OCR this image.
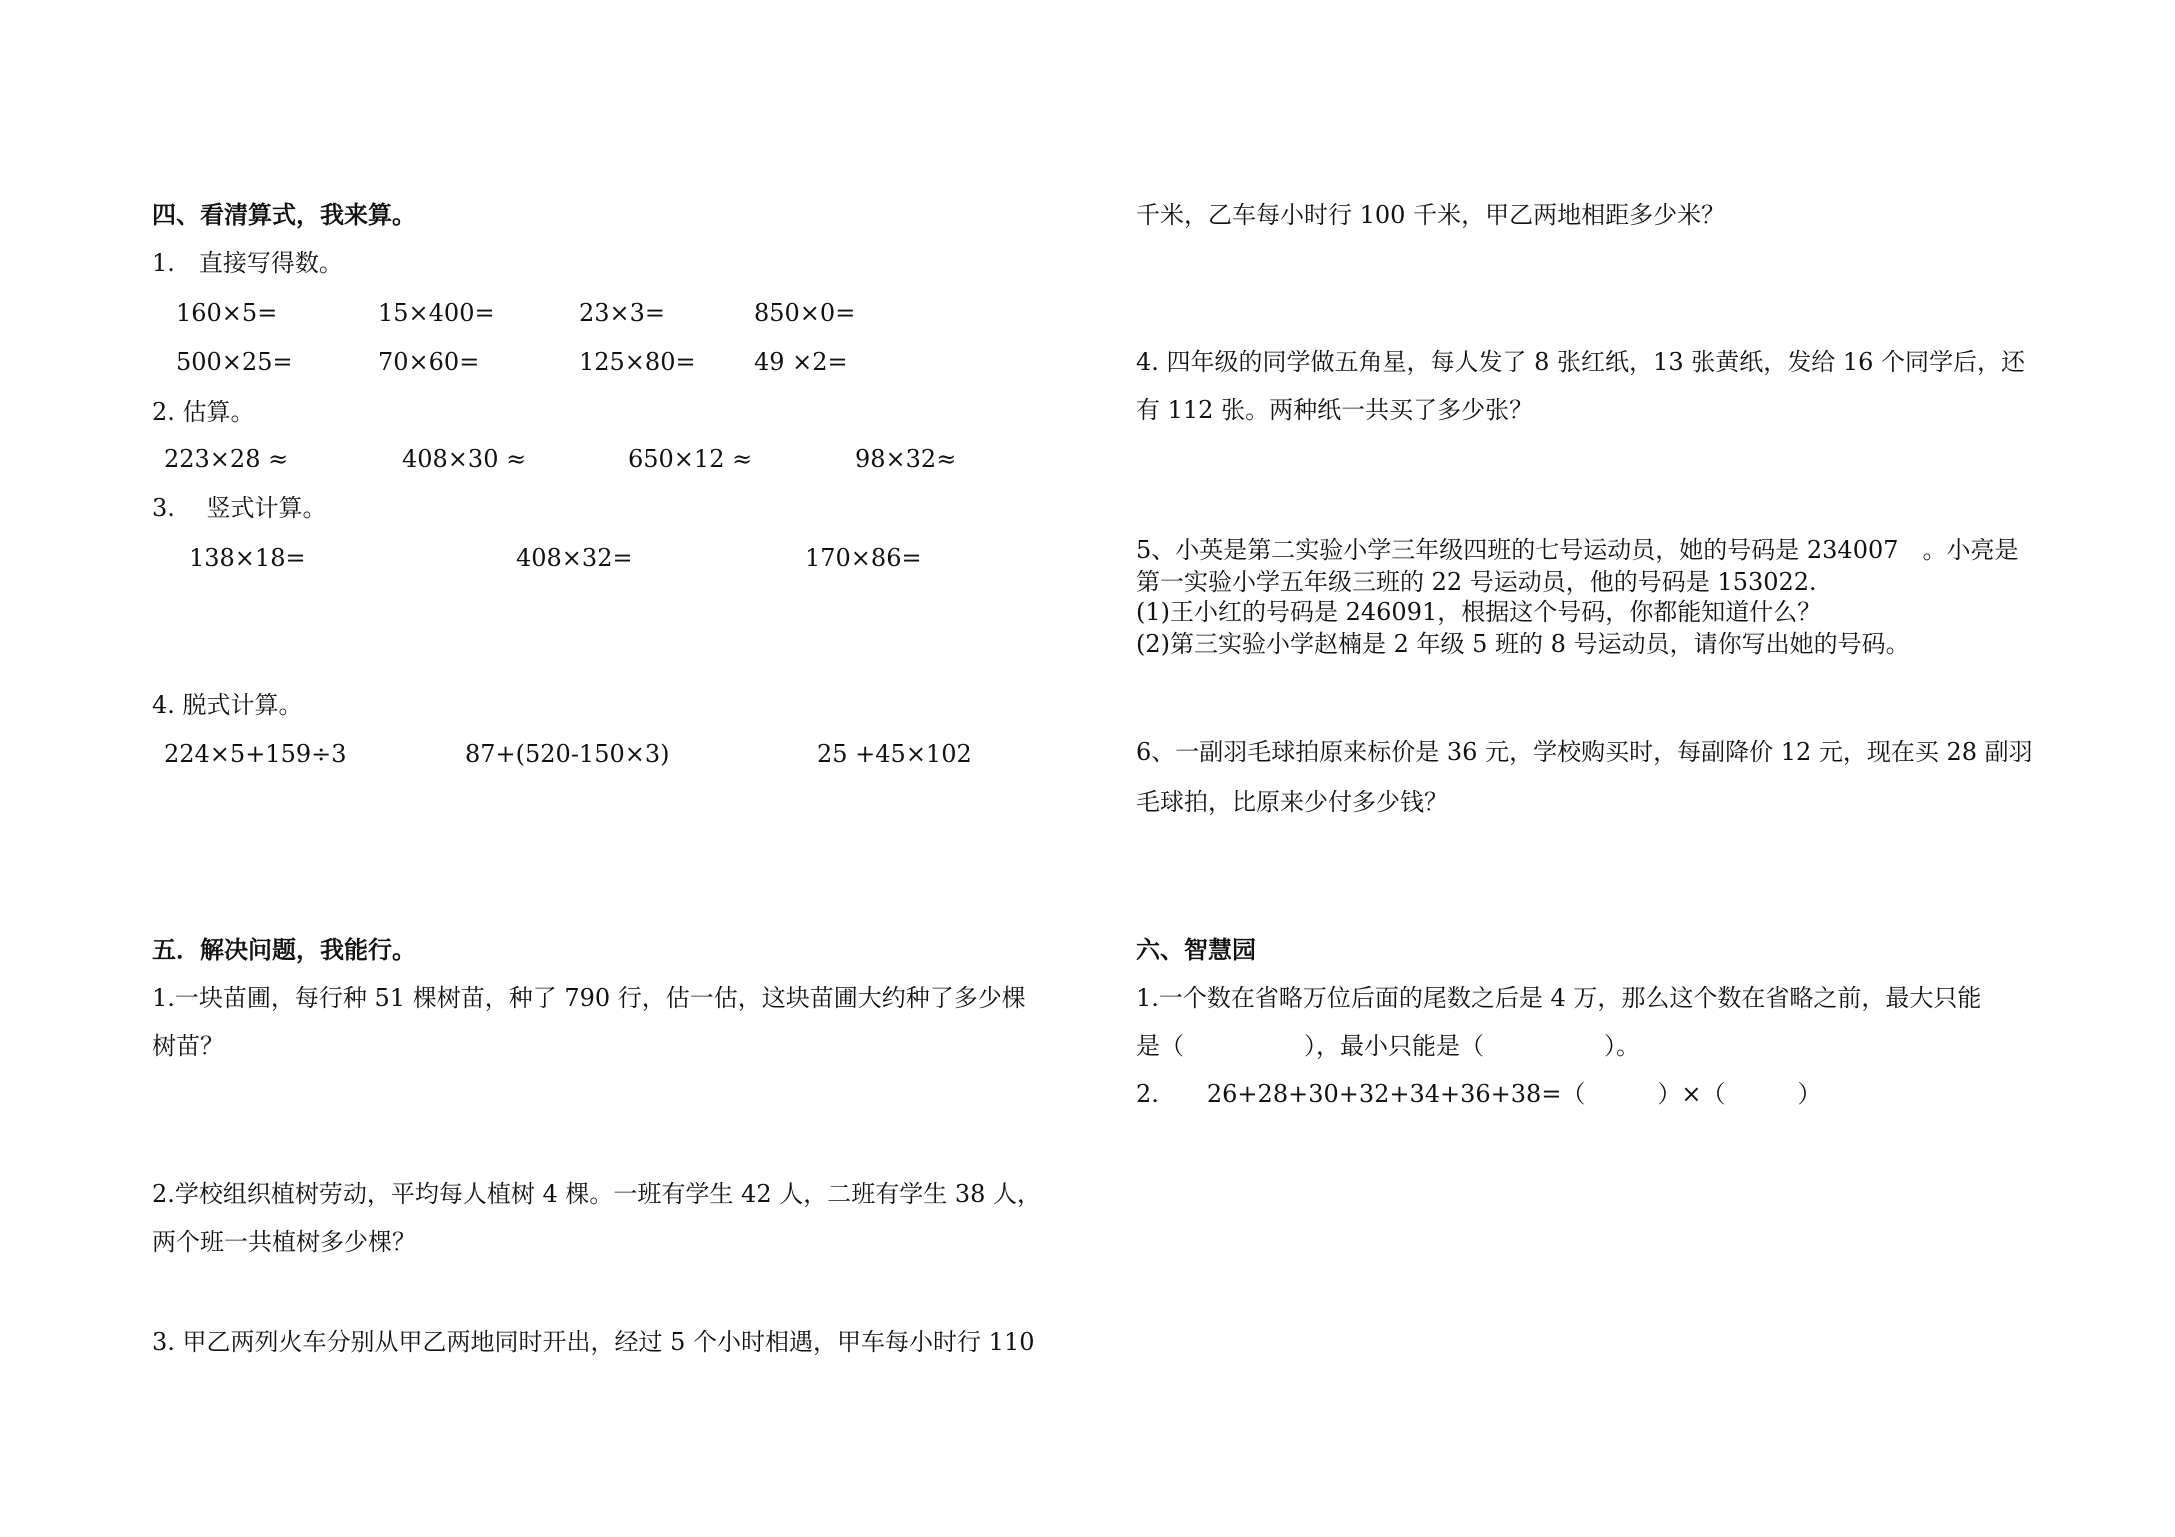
四、看清算式，我来算。
1.　直接写得数。
160×5=	15×400=	23×3=	850×0=
500×25=	70×60=	125×80= 49 ×2=
2. 估算。
223×28 ≈	408×30 ≈	650×12 ≈	98×32≈
3.　 竖式计算。
138×18=	408×32=	170×86=
4. 脱式计算。
224×5+159÷3	87+(520-150×3)	25 +45×102
五．解决问题，我能行。
1.一块苗圃，每行种 51 棵树苗，种了 790 行，估一估，这块苗圃大约种了多少棵
树苗？
2.学校组织植树劳动，平均每人植树 4 棵。一班有学生 42 人，二班有学生 38 人，
两个班一共植树多少棵？
3. 甲乙两列火车分别从甲乙两地同时开出，经过 5 个小时相遇，甲车每小时行 110
千米，乙车每小时行 100 千米，甲乙两地相距多少米？
4. 四年级的同学做五角星，每人发了 8 张红纸，13 张黄纸，发给 16 个同学后，还
有 112 张。两种纸一共买了多少张？
5、小英是第二实验小学三年级四班的七号运动员，她的号码是 234007　。小亮是
第一实验小学五年级三班的 22 号运动员，他的号码是 153022.
(1)王小红的号码是 246091，根据这个号码，你都能知道什么？
(2)第三实验小学赵楠是 2 年级 5 班的 8 号运动员，请你写出她的号码。
6、一副羽毛球拍原来标价是 36 元，学校购买时，每副降价 12 元，现在买 28 副羽
毛球拍，比原来少付多少钱？
六、智慧园
1.一个数在省略万位后面的尾数之后是 4 万，那么这个数在省略之前，最大只能
是（　　　　　），最小只能是（　　　　　）。
2.　　26+28+30+32+34+36+38=（　　　）×（　　　）
